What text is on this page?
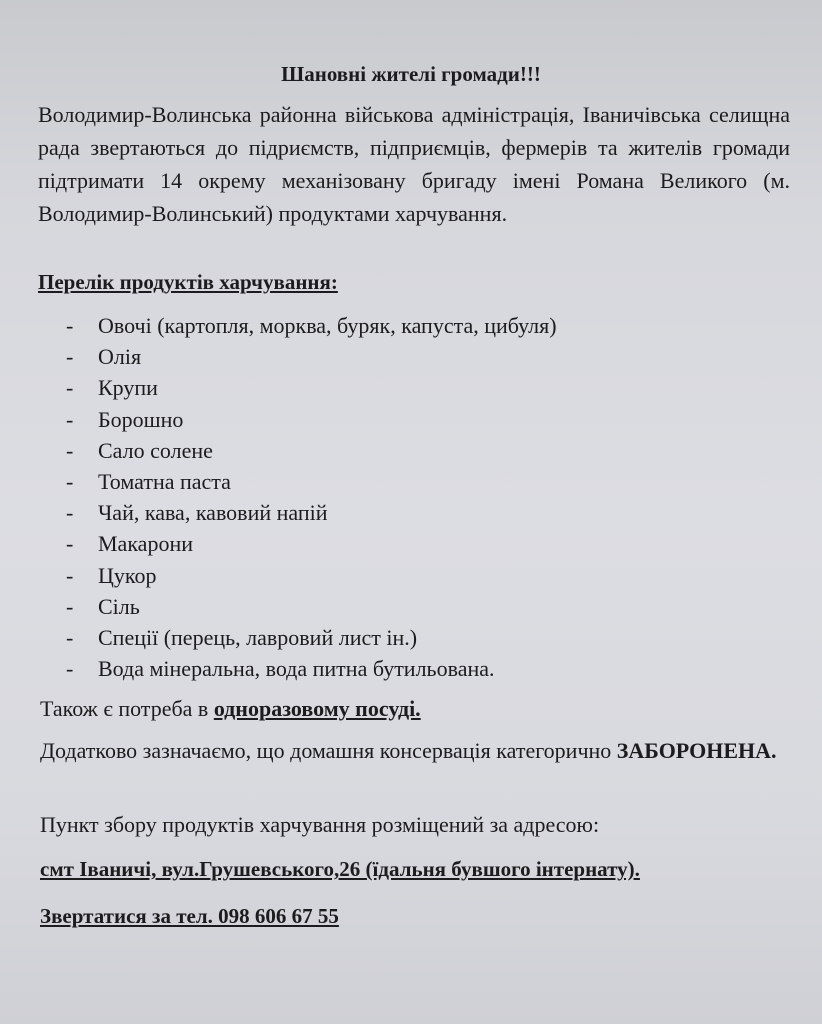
Шановні жителі громади!!!
Володимир-Волинська районна військова адміністрація, Іваничівська селищна рада звертаються до підриємств, підприємців, фермерів та жителів громади підтримати 14 окрему механізовану бригаду імені Романа Великого (м. Володимир-Волинський) продуктами харчування.
Перелік продуктів харчування:
- Овочі (картопля, морква, буряк, капуста, цибуля)
- Олія
- Крупи
- Борошно
- Сало солене
- Томатна паста
- Чай, кава, кавовий напій
- Макарони
- Цукор
- Сіль
- Спеції (перець, лавровий лист ін.)
- Вода мінеральна, вода питна бутильована.
Також є потреба в одноразовому посуді.
Додатково зазначаємо, що домашня консервація категорично ЗАБОРОНЕНА.
Пункт збору продуктів харчування розміщений за адресою:
смт Іваничі, вул.Грушевського,26 (їдальня бувшого інтернату).
Звертатися за тел. 098 606 67 55
